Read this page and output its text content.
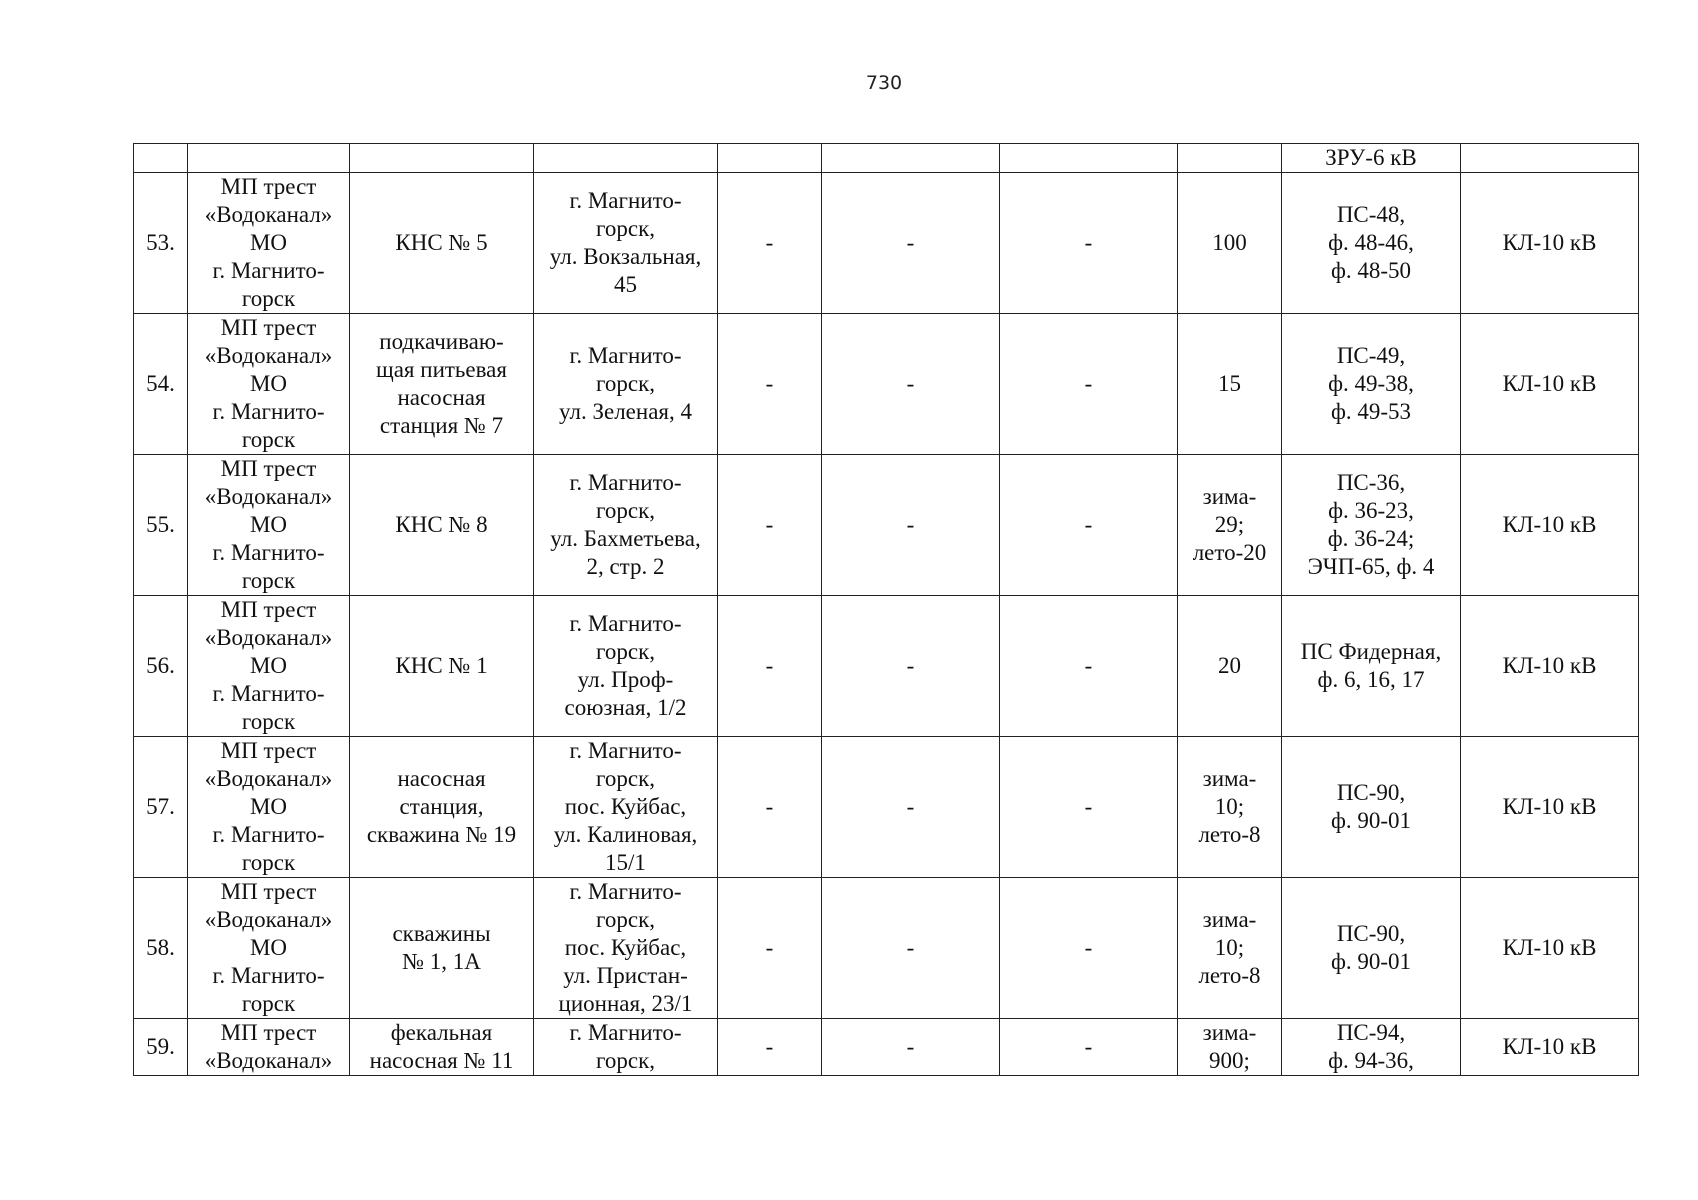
730
								ЗРУ-6 кВ	
53.	МП трест
«Водоканал»
МО
г. Магнито-
горск	КНС № 5	г. Магнито-
горск,
ул. Вокзальная,
45	-	-	-	100	ПС-48,
ф. 48-46,
ф. 48-50	КЛ-10 кВ
54.	МП трест
«Водоканал»
МО
г. Магнито-
горск	подкачиваю-
щая питьевая
насосная
станция № 7	г. Магнито-
горск,
ул. Зеленая, 4	-	-	-	15	ПС-49,
ф. 49-38,
ф. 49-53	КЛ-10 кВ
55.	МП трест
«Водоканал»
МО
г. Магнито-
горск	КНС № 8	г. Магнито-
горск,
ул. Бахметьева,
2, стр. 2	-	-	-	зима-
29;
лето-20	ПС-36,
ф. 36-23,
ф. 36-24;
ЭЧП-65, ф. 4	КЛ-10 кВ
56.	МП трест
«Водоканал»
МО
г. Магнито-
горск	КНС № 1	г. Магнито-
горск,
ул. Проф-
союзная, 1/2	-	-	-	20	ПС Фидерная,
ф. 6, 16, 17	КЛ-10 кВ
57.	МП трест
«Водоканал»
МО
г. Магнито-
горск	насосная
станция,
скважина № 19	г. Магнито-
горск,
пос. Куйбас,
ул. Калиновая,
15/1	-	-	-	зима-
10;
лето-8	ПС-90,
ф. 90-01	КЛ-10 кВ
58.	МП трест
«Водоканал»
МО
г. Магнито-
горск	скважины
№ 1, 1А	г. Магнито-
горск,
пос. Куйбас,
ул. Пристан-
ционная, 23/1	-	-	-	зима-
10;
лето-8	ПС-90,
ф. 90-01	КЛ-10 кВ
59.	МП трест
«Водоканал»	фекальная
насосная № 11	г. Магнито-
горск,	-	-	-	зима-
900;	ПС-94,
ф. 94-36,	КЛ-10 кВ
